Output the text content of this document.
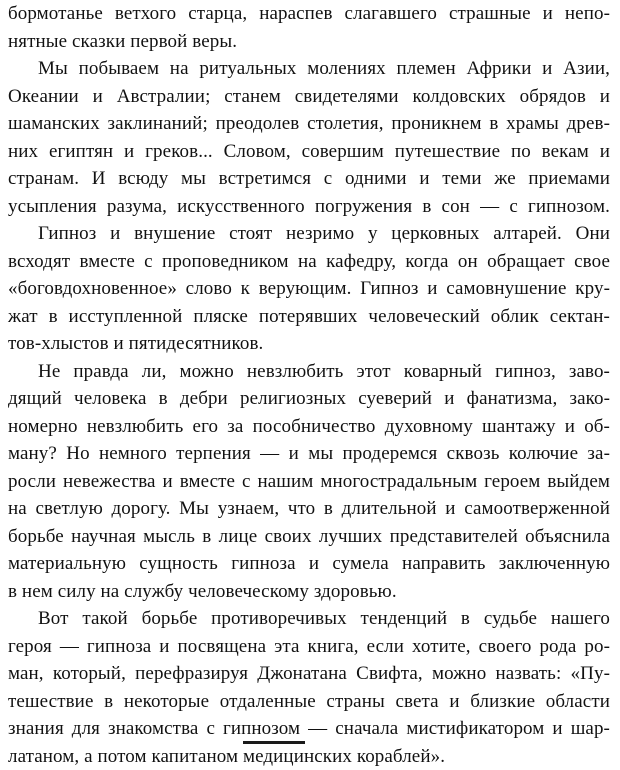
бормотанье ветхого старца, нараспев слагавшего страшные и непо-
нятные сказки первой веры.
Мы побываем на ритуальных молениях племен Африки и Азии,
Океании и Австралии; станем свидетелями колдовских обрядов и
шаманских заклинаний; преодолев столетия, проникнем в храмы древ-
них египтян и греков... Словом, совершим путешествие по векам и
странам. И всюду мы встретимся с одними и теми же приемами
усыпления разума, искусственного погружения в сон — с гипнозом.
Гипноз и внушение стоят незримо у церковных алтарей. Они
всходят вместе с проповедником на кафедру, когда он обращает свое
«боговдохновенное» слово к верующим. Гипноз и самовнушение кру-
жат в исступленной пляске потерявших человеческий облик сектан-
тов-хлыстов и пятидесятников.
Не правда ли, можно невзлюбить этот коварный гипноз, заво-
дящий человека в дебри религиозных суеверий и фанатизма, зако-
номерно невзлюбить его за пособничество духовному шантажу и об-
ману? Но немного терпения — и мы продеремся сквозь колючие за-
росли невежества и вместе с нашим многострадальным героем выйдем
на светлую дорогу. Мы узнаем, что в длительной и самоотверженной
борьбе научная мысль в лице своих лучших представителей объяснила
материальную сущность гипноза и сумела направить заключенную
в нем силу на службу человеческому здоровью.
Вот такой борьбе противоречивых тенденций в судьбе нашего
героя — гипноза и посвящена эта книга, если хотите, своего рода ро-
ман, который, перефразируя Джонатана Свифта, можно назвать: «Пу-
тешествие в некоторые отдаленные страны света и близкие области
знания для знакомства с гипнозом — сначала мистификатором и шар-
латаном, а потом капитаном медицинских кораблей».
